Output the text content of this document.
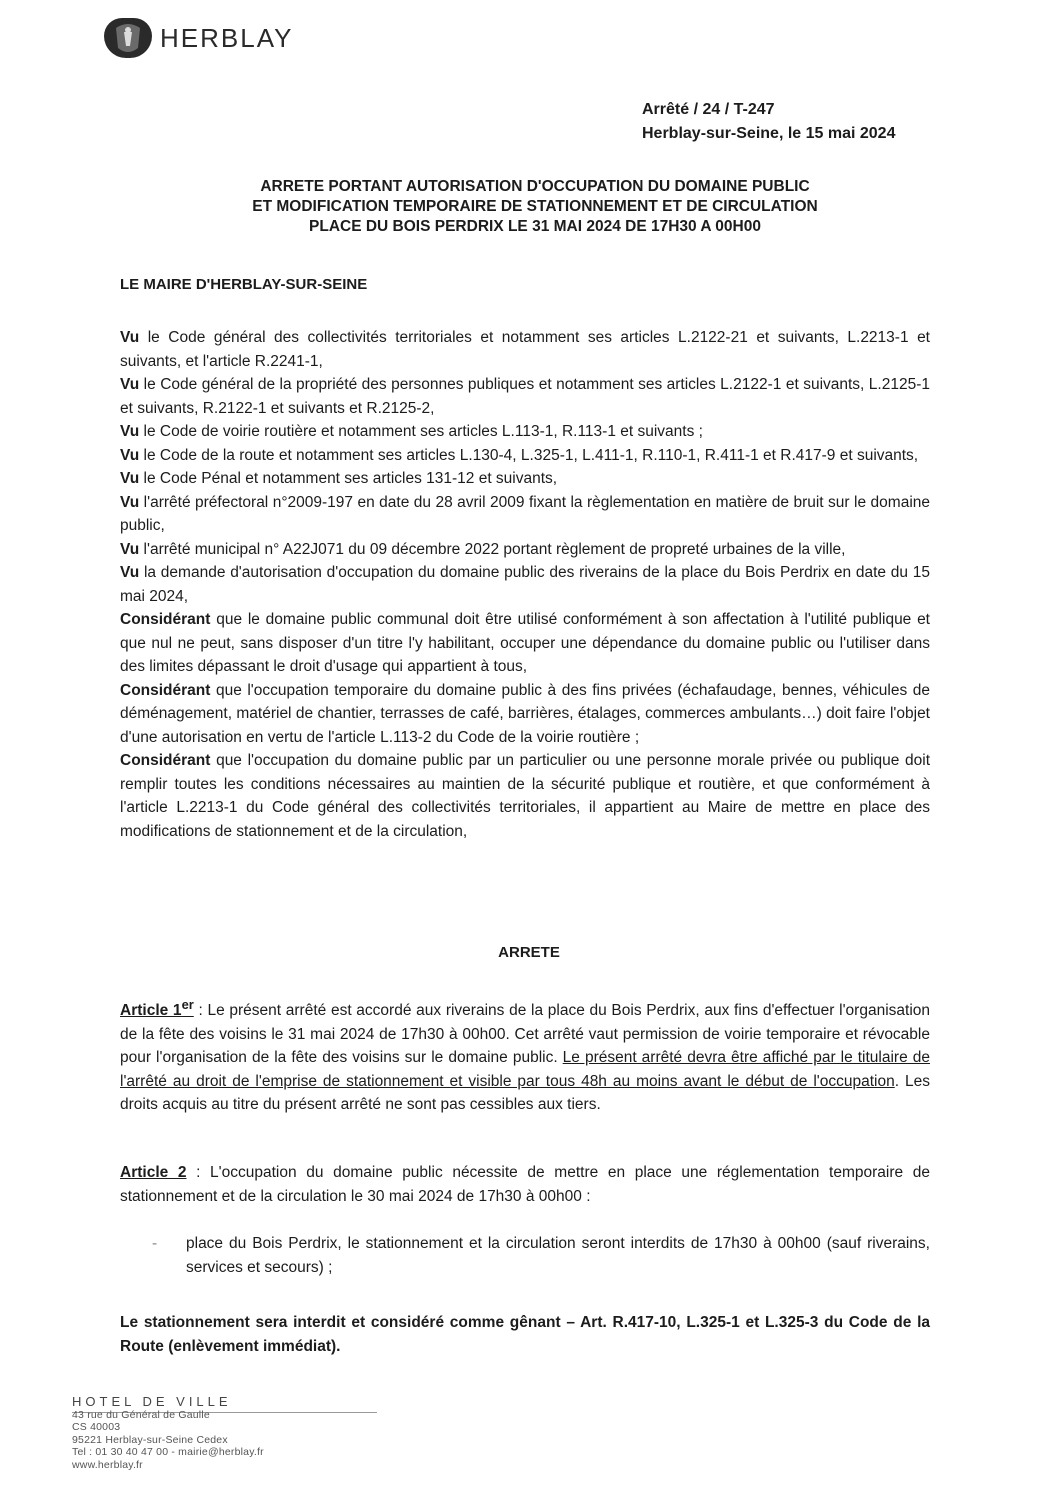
HERBLAY
Arrêté / 24 / T-247
Herblay-sur-Seine, le 15 mai 2024
ARRETE PORTANT AUTORISATION D'OCCUPATION DU DOMAINE PUBLIC
ET MODIFICATION TEMPORAIRE DE STATIONNEMENT ET DE CIRCULATION
PLACE DU BOIS PERDRIX LE 31 MAI 2024 DE 17H30 A 00H00
LE MAIRE D'HERBLAY-SUR-SEINE

Vu le Code général des collectivités territoriales et notamment ses articles L.2122-21 et suivants, L.2213-1 et suivants, et l'article R.2241-1,

Vu le Code général de la propriété des personnes publiques et notamment ses articles L.2122-1 et suivants, L.2125-1 et suivants, R.2122-1 et suivants et R.2125-2,

Vu le Code de voirie routière et notamment ses articles L.113-1, R.113-1 et suivants ;

Vu le Code de la route et notamment ses articles L.130-4, L.325-1, L.411-1, R.110-1, R.411-1 et R.417-9 et suivants,

Vu le Code Pénal et notamment ses articles 131-12 et suivants,

Vu l'arrêté préfectoral n°2009-197 en date du 28 avril 2009 fixant la règlementation en matière de bruit sur le domaine public,

Vu l'arrêté municipal n° A22J071 du 09 décembre 2022 portant règlement de propreté urbaines de la ville,

Vu la demande d'autorisation d'occupation du domaine public des riverains de la place du Bois Perdrix en date du 15 mai 2024,

Considérant que le domaine public communal doit être utilisé conformément à son affectation à l'utilité publique et que nul ne peut, sans disposer d'un titre l'y habilitant, occuper une dépendance du domaine public ou l'utiliser dans des limites dépassant le droit d'usage qui appartient à tous,

Considérant que l'occupation temporaire du domaine public à des fins privées (échafaudage, bennes, véhicules de déménagement, matériel de chantier, terrasses de café, barrières, étalages, commerces ambulants…) doit faire l'objet d'une autorisation en vertu de l'article L.113-2 du Code de la voirie routière ;

Considérant que l'occupation du domaine public par un particulier ou une personne morale privée ou publique doit remplir toutes les conditions nécessaires au maintien de la sécurité publique et routière, et que conformément à l'article L.2213-1 du Code général des collectivités territoriales, il appartient au Maire de mettre en place des modifications de stationnement et de la circulation,

ARRETE
Article 1er : Le présent arrêté est accordé aux riverains de la place du Bois Perdrix, aux fins d'effectuer l'organisation de la fête des voisins le 31 mai 2024 de 17h30 à 00h00. Cet arrêté vaut permission de voirie temporaire et révocable pour l'organisation de la fête des voisins sur le domaine public. Le présent arrêté devra être affiché par le titulaire de l'arrêté au droit de l'emprise de stationnement et visible par tous 48h au moins avant le début de l'occupation. Les droits acquis au titre du présent arrêté ne sont pas cessibles aux tiers.
Article 2 : L'occupation du domaine public nécessite de mettre en place une réglementation temporaire de stationnement et de la circulation le 30 mai 2024 de 17h30 à 00h00 :
-	place du Bois Perdrix, le stationnement et la circulation seront interdits de 17h30 à 00h00 (sauf riverains, services et secours) ;
Le stationnement sera interdit et considéré comme gênant – Art. R.417-10, L.325-1 et L.325-3 du Code de la Route (enlèvement immédiat).
HOTEL DE VILLE
43 rue du Général de Gaulle
CS 40003
95221 Herblay-sur-Seine Cedex
Tel : 01 30 40 47 00 - mairie@herblay.fr
www.herblay.fr
